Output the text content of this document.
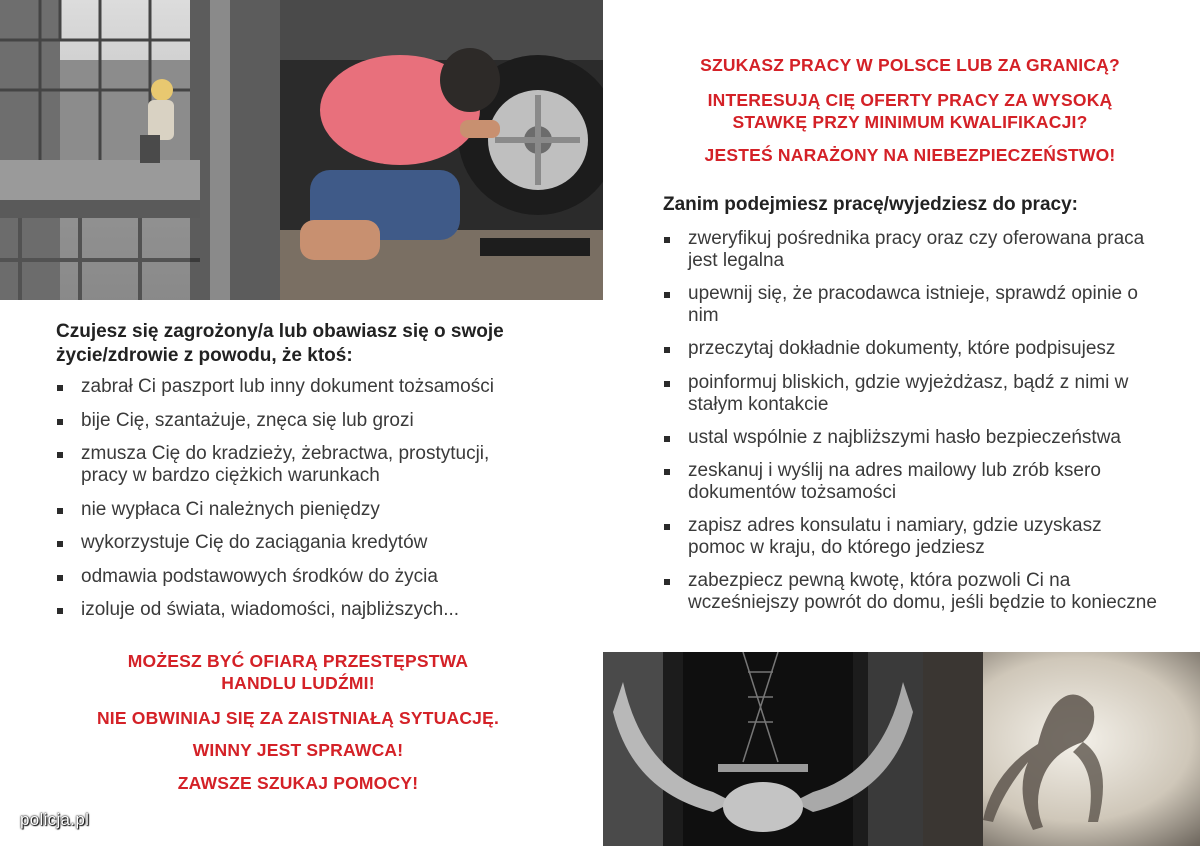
Czujesz się zagrożony/a lub obawiasz się o swoje życie/zdrowie z powodu, że ktoś:

zabrał Ci paszport lub inny dokument tożsamości
bije Cię, szantażuje, znęca się lub grozi
zmusza Cię do kradzieży, żebractwa, prostytucji, pracy w bardzo ciężkich warunkach
nie wypłaca Ci należnych pieniędzy
wykorzystuje Cię do zaciągania kredytów
odmawia podstawowych środków do życia
izoluje od świata, wiadomości, najbliższych...

MOŻESZ BYĆ OFIARĄ PRZESTĘPSTWA HANDLU LUDŹMI!

NIE OBWINIAJ SIĘ ZA ZAISTNIAŁĄ SYTUACJĘ.

WINNY JEST SPRAWCA!

ZAWSZE SZUKAJ POMOCY!

SZUKASZ PRACY W POLSCE LUB ZA GRANICĄ?

INTERESUJĄ CIĘ OFERTY PRACY ZA WYSOKĄ STAWKĘ PRZY MINIMUM KWALIFIKACJI?

JESTEŚ NARAŻONY NA NIEBEZPIECZEŃSTWO!

Zanim podejmiesz pracę/wyjedziesz do pracy:

zweryfikuj pośrednika pracy oraz czy oferowana praca jest legalna
upewnij się, że pracodawca istnieje, sprawdź opinie o nim
przeczytaj dokładnie dokumenty, które podpisujesz
poinformuj bliskich, gdzie wyjeżdżasz, bądź z nimi w stałym kontakcie
ustal wspólnie z najbliższymi hasło bezpieczeństwa
zeskanuj i wyślij na adres mailowy lub zrób ksero dokumentów tożsamości
zapisz adres konsulatu i namiary, gdzie uzyskasz pomoc w kraju, do którego jedziesz
zabezpiecz pewną kwotę, która pozwoli Ci na wcześniejszy powrót do domu, jeśli będzie to konieczne
policja.pl
